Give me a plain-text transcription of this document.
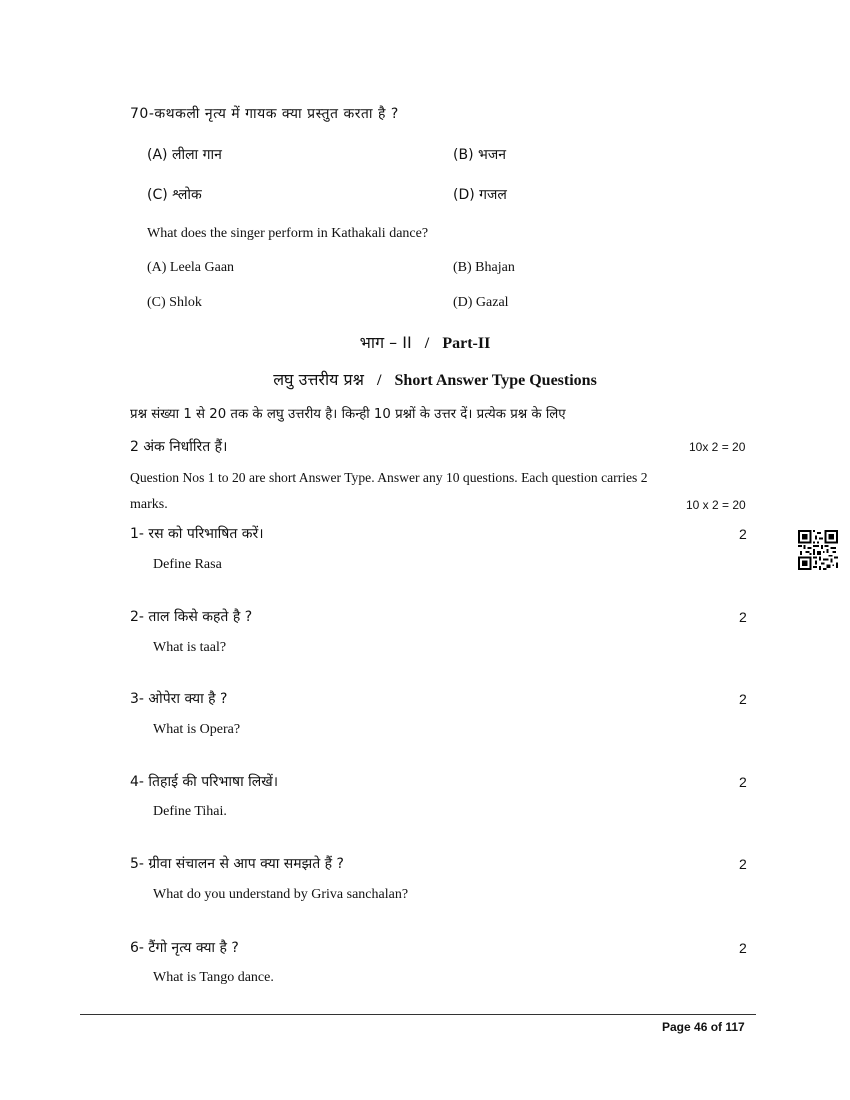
70-कथकली नृत्य में गायक क्या प्रस्तुत करता है ?
(A) लीला गान	(B) भजन
(C) श्लोक	(D) गजल
What does the singer perform in Kathakali dance?
(A) Leela Gaan	(B) Bhajan
(C) Shlok	(D) Gazal
भाग – II / Part-II
लघु उत्तरीय प्रश्न / Short Answer Type Questions
प्रश्न संख्या 1 से 20 तक के लघु उत्तरीय है। किन्ही 10 प्रश्नों के उत्तर दें। प्रत्येक प्रश्न के लिए
2 अंक निर्धारित हैं।	10x 2 = 20
Question Nos 1 to 20 are short Answer Type. Answer any 10 questions. Each question carries 2
marks.	10 x 2 = 20
1- रस को परिभाषित करें।	2
Define Rasa
2- ताल किसे कहते है ?	2
What is taal?
3- ओपेरा क्या है ?	2
What is Opera?
4- तिहाई की परिभाषा लिखें।	2
Define Tihai.
5- ग्रीवा संचालन से आप क्या समझते हैं ?	2
What do you understand by Griva sanchalan?
6- टैंगो नृत्य क्या है ?	2
What is Tango dance.
Page 46 of 117
